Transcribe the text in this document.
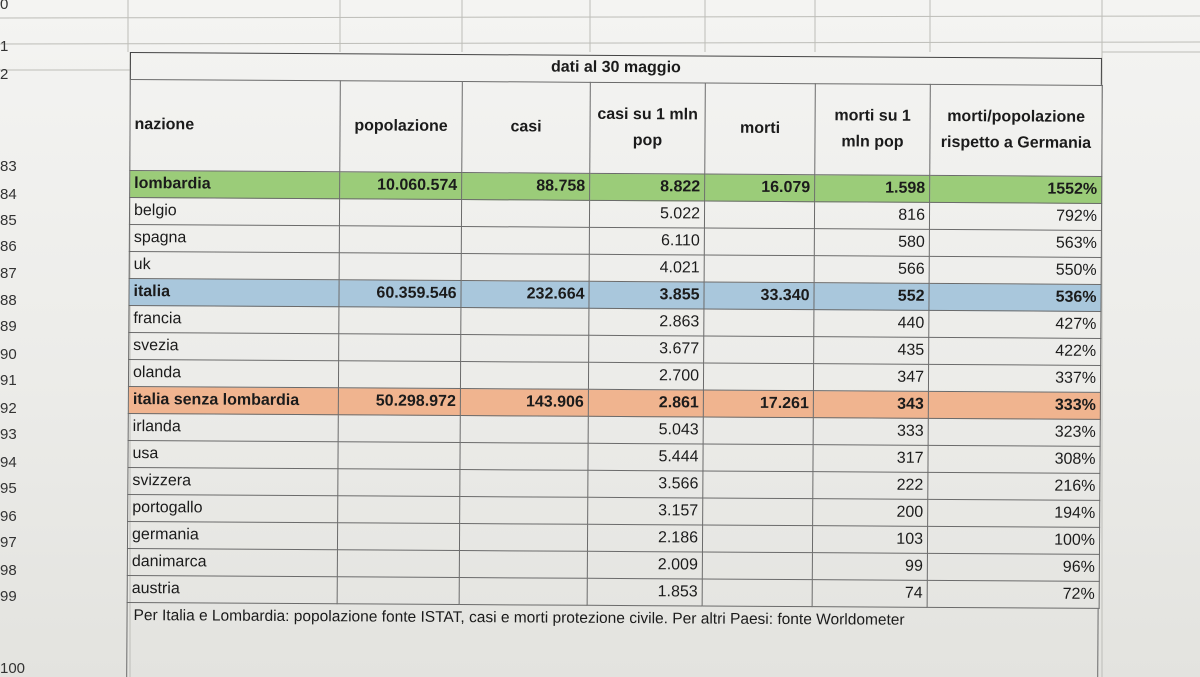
0
1
2
83
84
85
86
87
88
89
90
91
92
93
94
95
96
97
98
99
100
dati al 30 maggio
nazione	popolazione	casi	casi su 1 mln pop	morti	morti su 1 mln pop	morti/popolazione rispetto a Germania
lombardia	10.060.574	88.758	8.822	16.079	1.598	1552%
belgio			5.022		816	792%
spagna			6.110		580	563%
uk			4.021		566	550%
italia	60.359.546	232.664	3.855	33.340	552	536%
francia			2.863		440	427%
svezia			3.677		435	422%
olanda			2.700		347	337%
italia senza lombardia	50.298.972	143.906	2.861	17.261	343	333%
irlanda			5.043		333	323%
usa			5.444		317	308%
svizzera			3.566		222	216%
portogallo			3.157		200	194%
germania			2.186		103	100%
danimarca			2.009		99	96%
austria			1.853		74	72%
Per Italia e Lombardia: popolazione fonte ISTAT, casi e morti protezione civile. Per altri Paesi: fonte Worldometer
